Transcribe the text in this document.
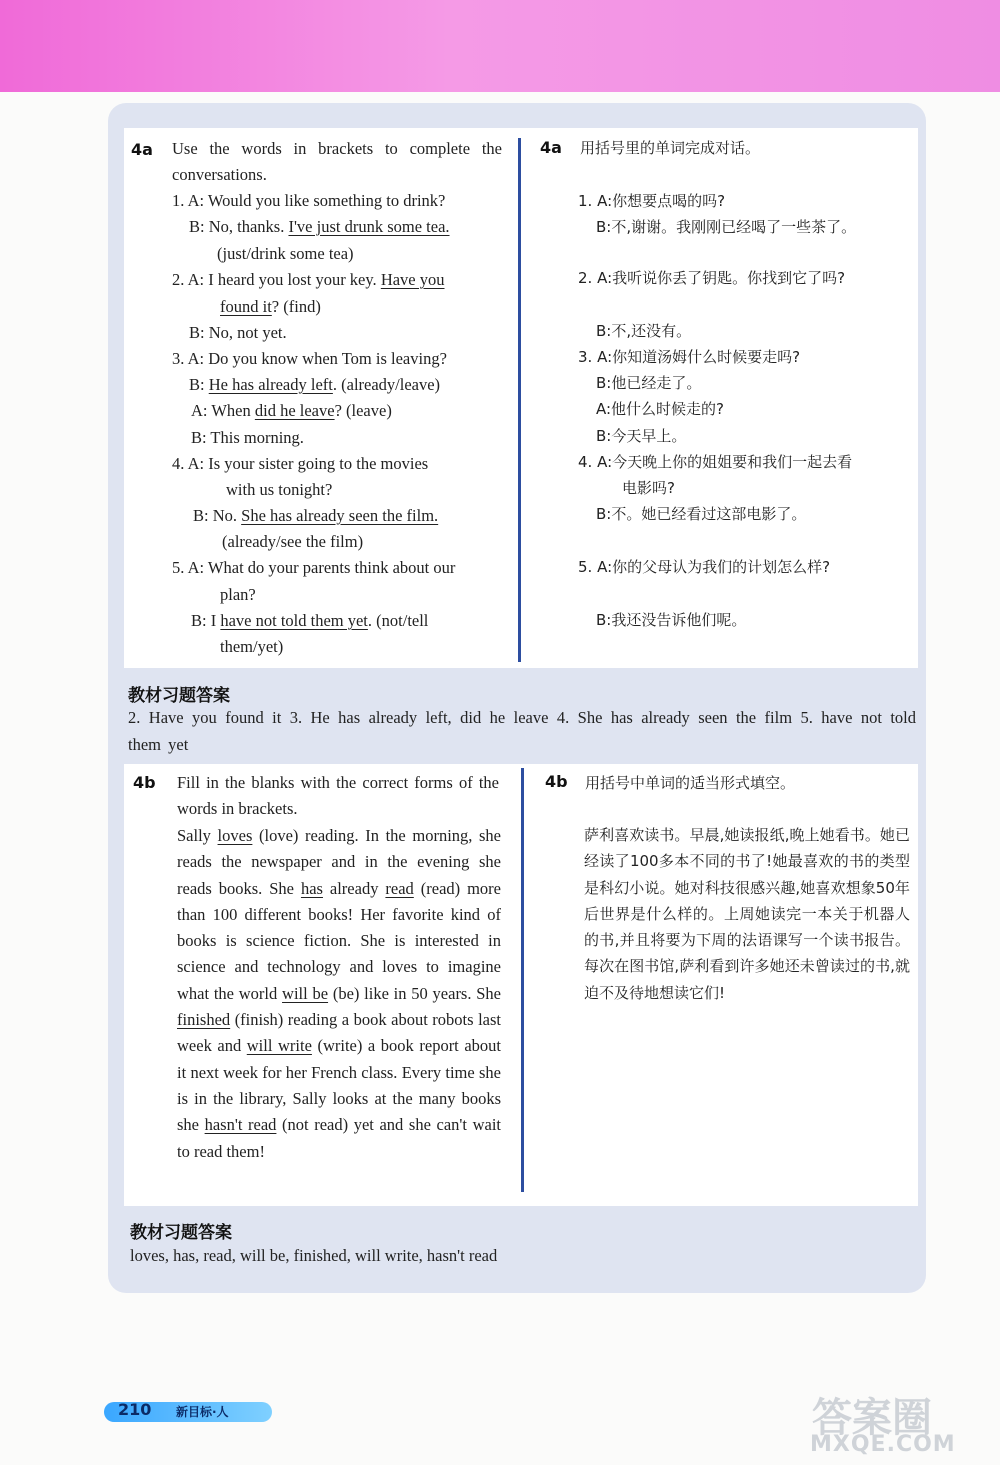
4a Use the words in brackets to complete the conversations.
1. A: Would you like something to drink?
B: No, thanks. I've just drunk some tea.
(just/drink some tea)
2. A: I heard you lost your key. Have you
found it? (find)
B: No, not yet.
3. A: Do you know when Tom is leaving?
B: He has already left. (already/leave)
A: When did he leave? (leave)
B: This morning.
4. A: Is your sister going to the movies
with us tonight?
B: No. She has already seen the film.
(already/see the film)
5. A: What do your parents think about our
plan?
B: I have not told them yet. (not/tell
them/yet)
4a 用括号里的单词完成对话。
1. A:你想要点喝的吗?
B:不,谢谢。我刚刚已经喝了一些茶了。
2. A:我听说你丢了钥匙。你找到它了吗?
B:不,还没有。
3. A:你知道汤姆什么时候要走吗?
B:他已经走了。
A:他什么时候走的?
B:今天早上。
4. A:今天晚上你的姐姐要和我们一起去看
电影吗?
B:不。她已经看过这部电影了。
5. A:你的父母认为我们的计划怎么样?
B:我还没告诉他们呢。
教材习题答案
2. Have you found it 3. He has already left, did he leave 4. She has already seen the film 5. have not told them yet
4b Fill in the blanks with the correct forms of the words in brackets.
Sally loves (love) reading. In the morning, she reads the newspaper and in the evening she reads books. She has already read (read) more than 100 different books! Her favorite kind of books is science fiction. She is interested in science and technology and loves to imagine what the world will be (be) like in 50 years. She finished (finish) reading a book about robots last week and will write (write) a book report about it next week for her French class. Every time she is in the library, Sally looks at the many books she hasn't read (not read) yet and she can't wait to read them!
4b 用括号中单词的适当形式填空。
萨利喜欢读书。早晨,她读报纸,晚上她看书。她已经读了100多本不同的书了!她最喜欢的书的类型是科幻小说。她对科技很感兴趣,她喜欢想象50年后世界是什么样的。上周她读完一本关于机器人的书,并且将要为下周的法语课写一个读书报告。每次在图书馆,萨利看到许多她还未曾读过的书,就迫不及待地想读它们!
教材习题答案
loves, has, read, will be, finished, will write, hasn't read
210 新目标·人	答案圈
MXQE.COM
